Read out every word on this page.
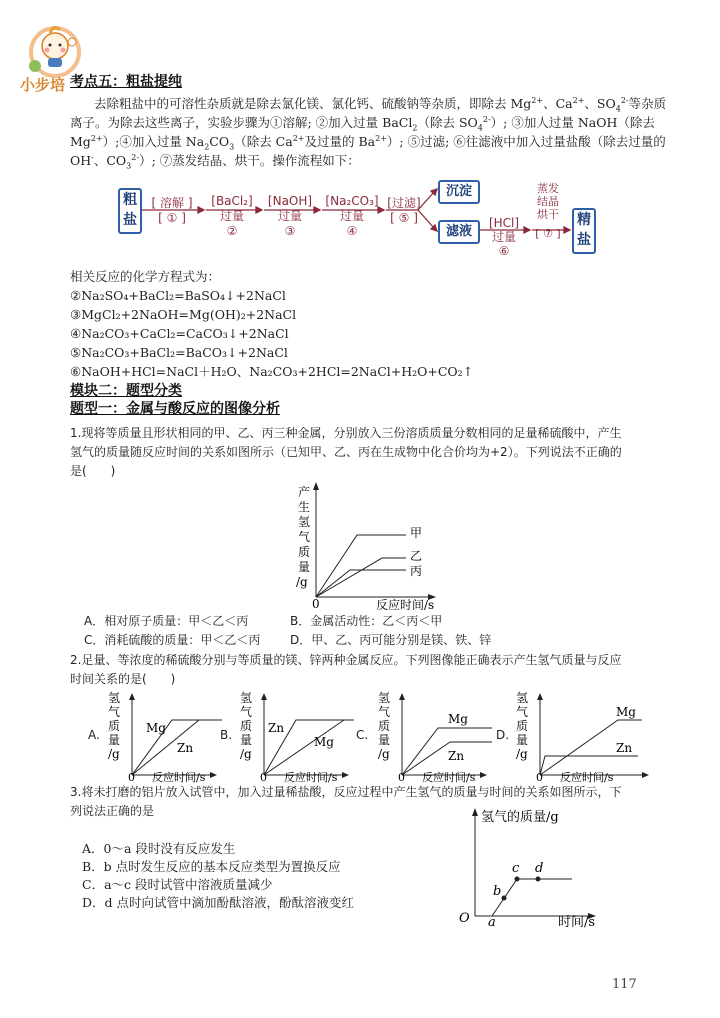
小步培 考点五：粗盐提纯
去除粗盐中的可溶性杂质就是除去氯化镁、氯化钙、硫酸钠等杂质，即除去 $Mg^{2+}$、$Ca^{2+}$、$SO_4^{2-}$等杂质
离子。为除去这些离子，实验步骤为①溶解; ②加入过量 BaCl$_2$（除去 $SO_4^{2-}$）; ③加人过量 NaOH（除去
$Mg^{2+});④$加入过量 $Na_2CO_3$（除去 $Ca^{2+}$及过量的 $Ba^{2+}$）; ⑤过滤; ⑥往滤液中加入过量盐酸（除去过量的
OH-、$CO_3^{2-}$）; ⑦蒸发结晶、烘干。操作流程如下：
粗
盐
[ 溶解 ]
[ ① ]
[BaCl₂]
过量
②
[NaOH]
过量
③
[Na₂CO₃]
过量
④
[过滤]
[ ⑤ ]
沉淀
滤液
[HCl]
过量
⑥
蒸发
结晶
烘干
[ ⑦ ]
精
盐
相关反应的化学方程式为：
②Na₂SO₄+BaCl₂=BaSO₄↓+2NaCl
③MgCl₂+2NaOH=Mg(OH)₂+2NaCl
④Na₂CO₃+CaCl₂=CaCO₃↓+2NaCl
⑤Na₂CO₃+BaCl₂=BaCO₃↓+2NaCl
⑥NaOH+HCl=NaCl＋H₂O、Na₂CO₃+2HCl=2NaCl+H₂O+CO₂↑
模块二：题型分类
题型一：金属与酸反应的图像分析
1.现将等质量且形状相同的甲、乙、丙三种金属，分别放入三份溶质质量分数相同的足量稀硫酸中，产生
氢气的质量随反应时间的关系如图所示（已知甲、乙、丙在生成物中化合价均为+2）。下列说法不正确的
是(　　)
产
生
氢
气
质
量
/g
0	反应时间/s
甲
乙
丙
A．相对原子质量：甲＜乙＜丙	B．金属活动性：乙＜丙＜甲
C．消耗硫酸的质量：甲＜乙＜丙 D．甲、乙、丙可能分别是镁、铁、锌
2.足量、等浓度的稀硫酸分别与等质量的镁、锌两种金属反应。下列图像能正确表示产生氢气质量与反应
时间关系的是(　　)
A.
氢
气
质
量
/g
0 反应时间/s
Mg
Zn
B.
氢
气
质
量
/g
0 反应时间/s
Zn
Mg C.
氢
气
质
量
/g
0 反应时间/s
Mg
Zn
D.
氢
气
质
量
/g
0 反应时间/s
Mg
Zn
3.将未打磨的铝片放入试管中，加入过量稀盐酸，反应过程中产生氢气的质量与时间的关系如图所示，下
列说法正确的是
A．0～a 段时没有反应发生
B．b 点时发生反应的基本反应类型为置换反应
C．a～c 段时试管中溶液质量减少
D．d 点时向试管中滴加酚酞溶液，酚酞溶液变红
氢气的质量/g
时间/s
O a
b
c d
117
